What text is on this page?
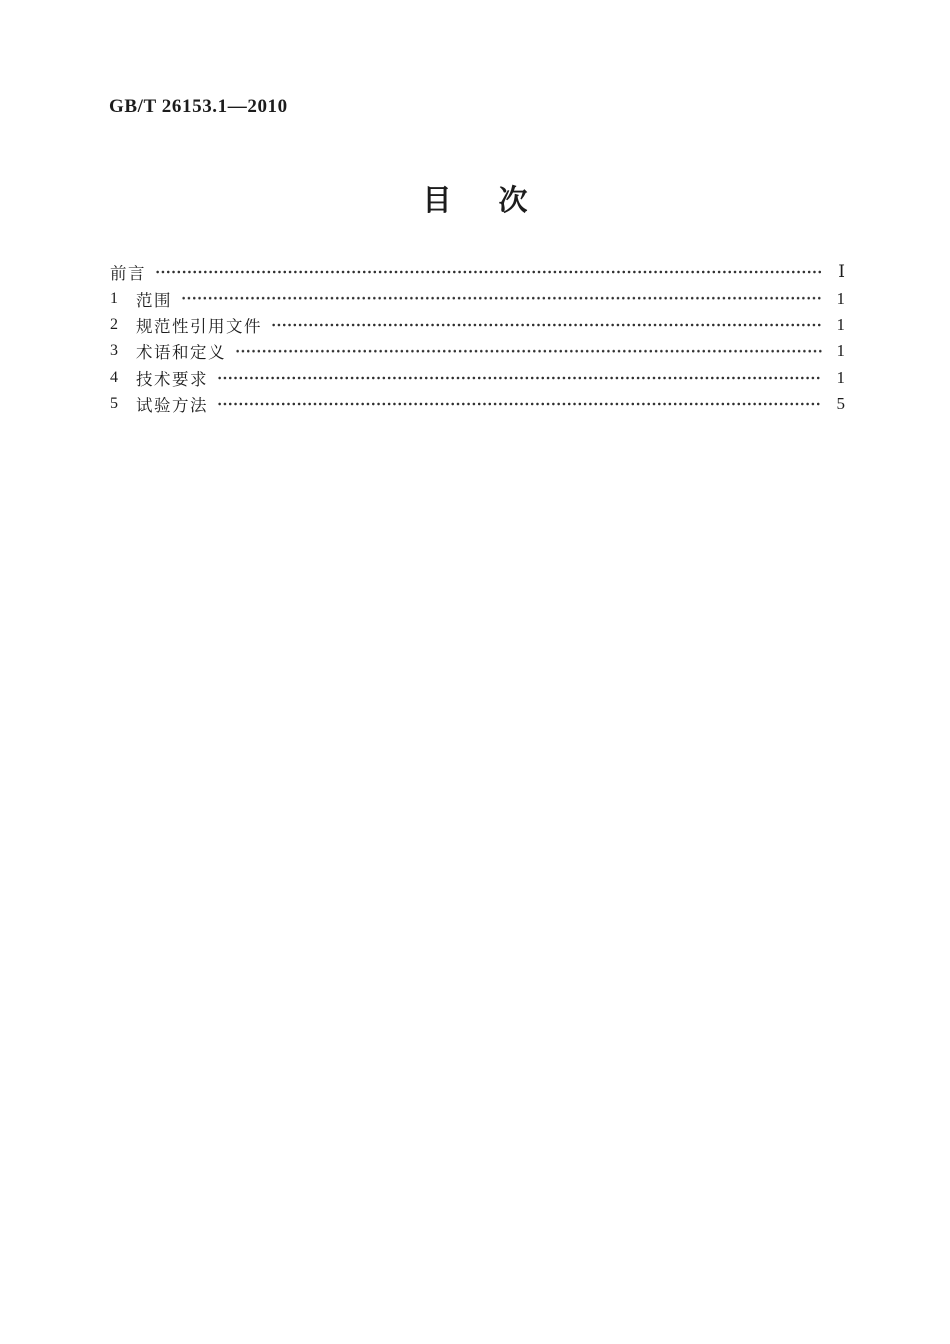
GB/T 26153.1—2010
目　次
前言	Ⅰ
1	范围	1
2	规范性引用文件	1
3	术语和定义	1
4	技术要求	1
5	试验方法	5
